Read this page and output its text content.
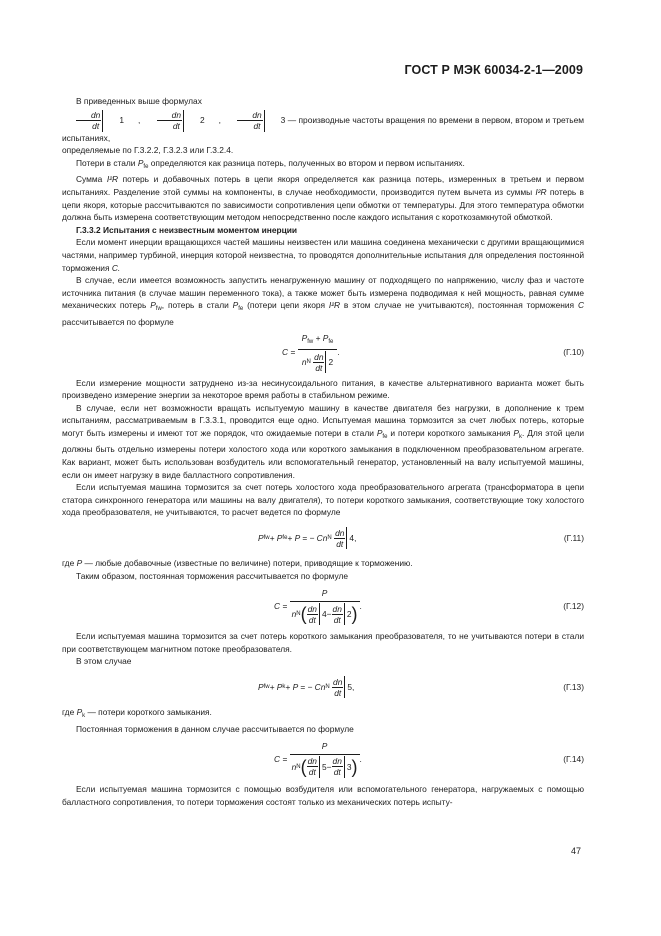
ГОСТ Р МЭК 60034-2-1—2009

В приведенных выше формулах

$\frac{dn}{dt}$	1	,
$\frac{dn}{dt}$	2	,
$\frac{dn}{dt}$	3 — производные частоты вращения по времени в первом, втором и третьем испытаниях,

определяемые по Г.3.2.2, Г.3.2.3 или Г.3.2.4.

Потери в стали $P_{fe}$ определяются как разница потерь, полученных во втором и первом испытаниях.

Сумма I²R потерь и добавочных потерь в цепи якоря определяется как разница потерь, измеренных в третьем и первом испытаниях. Разделение этой суммы на компоненты, в случае необходимости, производится путем вычета из суммы I²R потерь в цепи якоря, которые рассчитываются по зависимости сопротивления цепи обмотки от температуры. Для этого температура обмотки должна быть измерена соответствующим методом непосредственно после каждого испытания с короткозамкнутой обмоткой.

Г.3.3.2 Испытания с неизвестным моментом инерции

Если момент инерции вращающихся частей машины неизвестен или машина соединена механически с другими вращающимися частями, например турбиной, инерция которой неизвестна, то проводятся дополнительные испытания для определения постоянной торможения C.

В случае, если имеется возможность запустить ненагруженную машину от подходящего по напряжению, числу фаз и частоте источника питания (в случае машин переменного тока), а также может быть измерена подводимая к ней мощность, равная сумме механических потерь $P_{fw}$, потерь в стали $P_{fe}$ (потери цепи якоря I²R в этом случае не учитываются), постоянная торможения C рассчитывается по формуле

C =

$P_{fw} + P_{fe}$
n N
$\frac{dn}{dt} 2$
.	(Г.10)

Если измерение мощности затруднено из-за несинусоидального питания, в качестве альтернативного варианта может быть произведено измерение энергии за некоторое время работы в стабильном режиме.

В случае, если нет возможности вращать испытуемую машину в качестве двигателя без нагрузки, в дополнение к трем испытаниям, рассматриваемым в Г.3.3.1, проводится еще одно. Испытуемая машина тормозится за счет любых потерь, которые могут быть измерены и имеют тот же порядок, что ожидаемые потери в стали $P_{fe}$ и потери короткого замыкания $P_k$. Для этой цели должны быть отдельно измерены потери холостого хода или короткого замыкания в подключенном преобразовательном агрегате. Как вариант, может быть использован возбудитель или вспомогательный генератор, установленный на валу испытуемой машины, если он имеет нагрузку в виде балластного сопротивления.

Если испытуемая машина тормозится за счет потерь холостого хода преобразовательного агрегата (трансформатора в цепи статора синхронного генератора или машины на валу двигателя), то потери короткого замыкания, соответствующие току холостого хода преобразователя, не учитываются, то расчет ведется по формуле

P fw + P fe + P = − Cn N
$\frac{dn}{dt} 4$ ,	(Г.11)

где P — любые добавочные (известные по величине) потери, приводящие к торможению.

Таким образом, постоянная торможения рассчитывается по формуле

C =

P
n N ( $\frac{dn}{dt} 4 - \frac{dn}{dt} 2$ ) .	(Г.12)

Если испытуемая машина тормозится за счет потерь короткого замыкания преобразователя, то не учитываются потери в стали при соответствующем магнитном потоке преобразователя.

В этом случае

P fw + P k + P = − Cn N
$\frac{dn}{dt} 5$ ,	(Г.13)

где $P_k$ — потери короткого замыкания.

Постоянная торможения в данном случае рассчитывается по формуле

C =

P
n N ( $\frac{dn}{dt} 5 - \frac{dn}{dt} 3$ ) .	(Г.14)

Если испытуемая машина тормозится с помощью возбудителя или вспомогательного генератора, нагружаемых с помощью балластного сопротивления, то потери торможения состоят только из механических потерь испыту-

47
